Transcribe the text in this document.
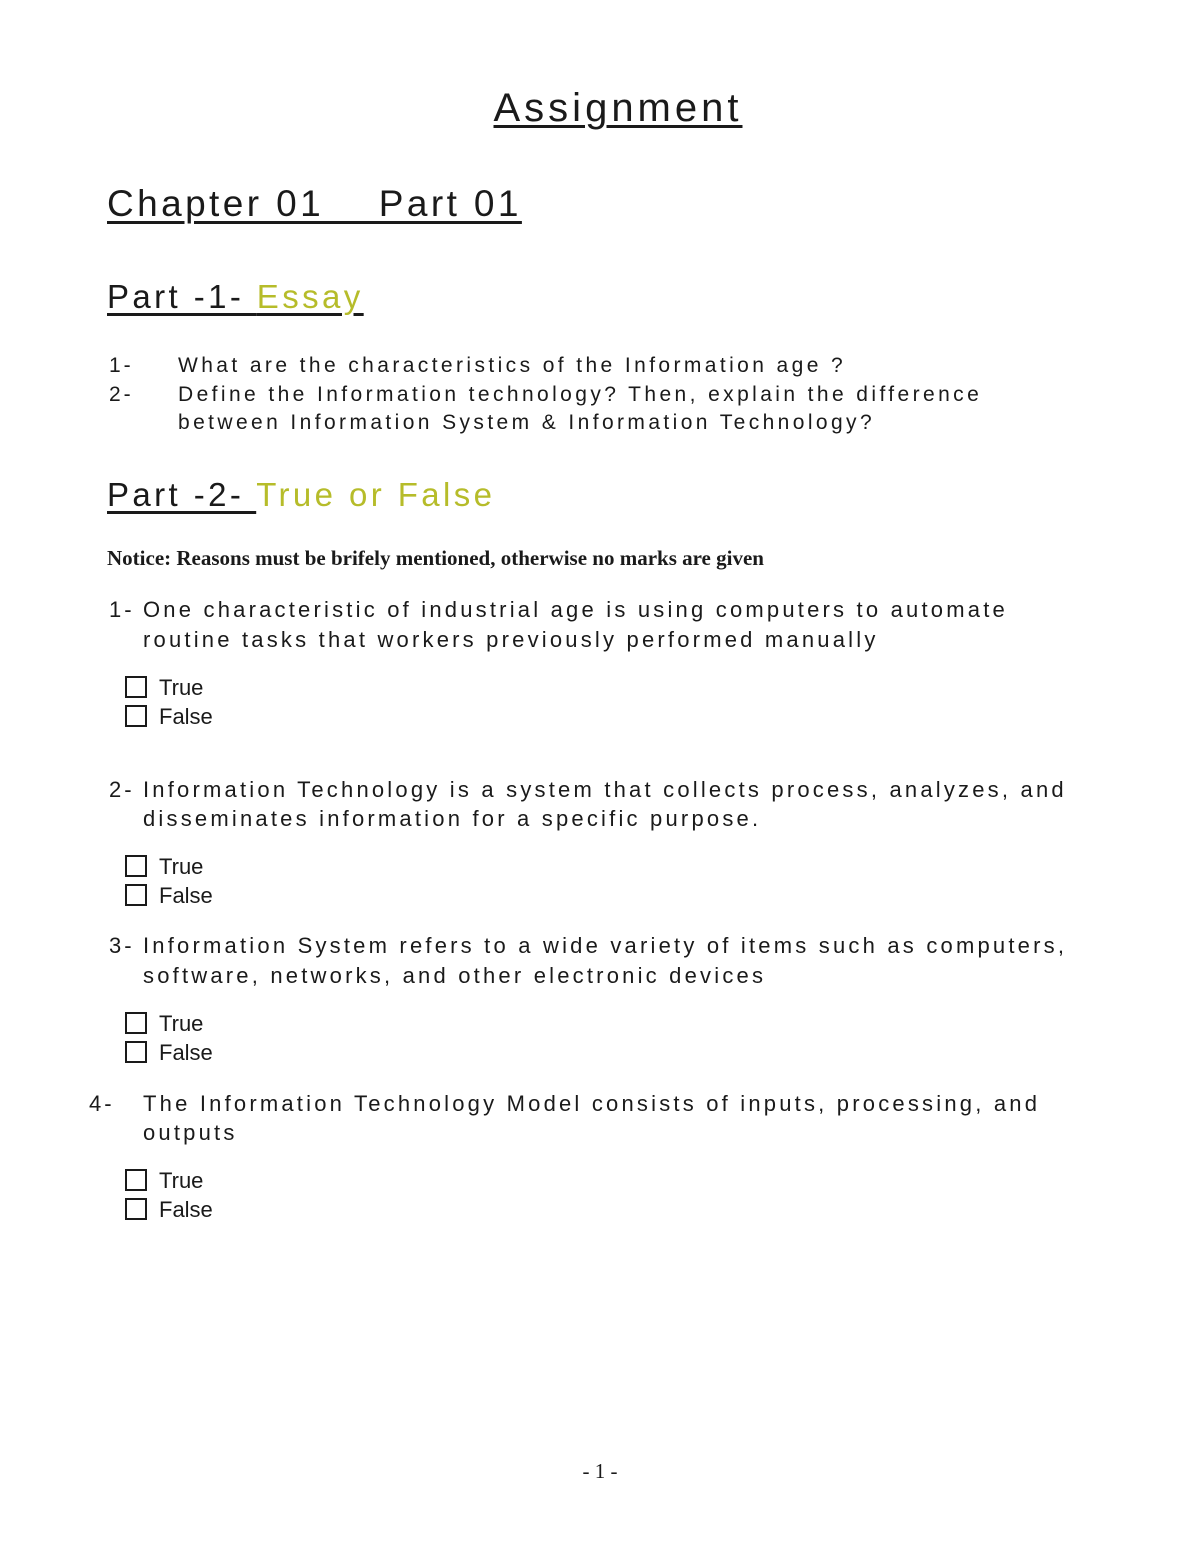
Assignment
Chapter 01    Part 01
Part -1- Essay
1- What are the characteristics of the Information age ?
2- Define the Information technology? Then, explain the difference
between Information System & Information Technology?
Part -2- True or False
Notice: Reasons must be brifely mentioned, otherwise no marks are given
1- One characteristic of industrial age is using computers to automate
routine tasks that workers previously performed manually
True
False
2- Information Technology is a system that collects process, analyzes, and
disseminates information for a specific purpose.
True
False
3- Information System refers to a wide variety of items such as computers,
software, networks, and other electronic devices
True
False
4- The Information Technology Model consists of inputs, processing, and
outputs
True
False
- 1 -
